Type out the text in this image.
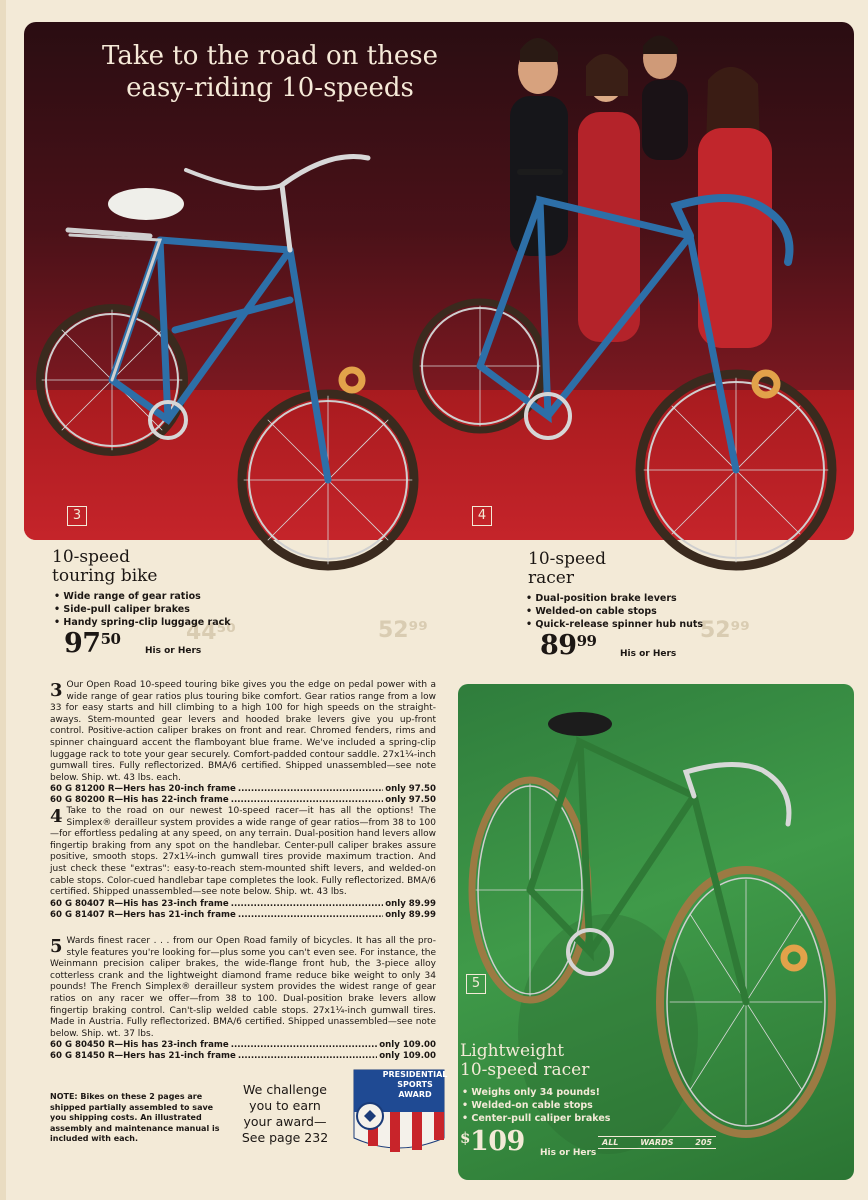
Take to the road on these
easy-riding 10-speeds
3	4
44⁵⁰	52⁹⁹	52⁹⁹
10-speed
touring bike
• Wide range of gear ratios
• Side-pull caliper brakes
• Handy spring-clip luggage rack
$97^{50}$
His or Hers
10-speed
racer
• Dual-position brake levers
• Welded-on cable stops
• Quick-release spinner hub nuts
$89^{99}$
His or Hers
3 Our Open Road 10-speed touring bike gives you the edge on pedal power with a wide range of gear ratios plus touring bike comfort. Gear ratios range from a low 33 for easy starts and hill climbing to a high 100 for high speeds on the straight-aways. Stem-mounted gear levers and hooded brake levers give you up-front control. Positive-action caliper brakes on front and rear. Chromed fenders, rims and spinner chainguard accent the flamboyant blue frame. We've included a spring-clip luggage rack to tote your gear securely. Comfort-padded contour saddle. 27x1¼-inch gumwall tires. Fully reflectorized. BMA/6 certified. Shipped unassembled—see note below. Ship. wt. 43 lbs. each.
60 G 81200 R—Hers has 20-inch frame .....	only 97.50
60 G 80200 R—His has 22-inch frame .....	only 97.50
4 Take to the road on our newest 10-speed racer—it has all the options! The Simplex® derailleur system provides a wide range of gear ratios—from 38 to 100—for effortless pedaling at any speed, on any terrain. Dual-position hand levers allow fingertip braking from any spot on the handlebar. Center-pull caliper brakes assure positive, smooth stops. 27x1¼-inch gumwall tires provide maximum traction. And just check these "extras": easy-to-reach stem-mounted shift levers, and welded-on cable stops. Color-cued handlebar tape completes the look. Fully reflectorized. BMA/6 certified. Shipped unassembled—see note below. Ship. wt. 43 lbs.
60 G 80407 R—His has 23-inch frame .....	only 89.99
60 G 81407 R—Hers has 21-inch frame .....	only 89.99
5 Wards finest racer . . . from our Open Road family of bicycles. It has all the pro-style features you're looking for—plus some you can't even see. For instance, the Weinmann precision caliper brakes, the wide-flange front hub, the 3-piece alloy cotterless crank and the lightweight diamond frame reduce bike weight to only 34 pounds! The French Simplex® derailleur system provides the widest range of gear ratios on any racer we offer—from 38 to 100. Dual-position brake levers allow fingertip braking control. Can't-slip welded cable stops. 27x1¼-inch gumwall tires. Made in Austria. Fully reflectorized. BMA/6 certified. Shipped unassembled—see note below. Ship. wt. 37 lbs.
60 G 80450 R—His has 23-inch frame .....	only 109.00
60 G 81450 R—Hers has 21-inch frame .....	only 109.00
5
Lightweight
10-speed racer
• Weighs only 34 pounds!
• Welded-on cable stops
• Center-pull caliper brakes
$109 His or Hers
ALL	WARDS	205
NOTE: Bikes on these 2 pages are shipped partially assembled to save you shipping costs. An illustrated assembly and maintenance manual is included with each.
We challenge
you to earn
your award—
See page 232
PRESIDENTIAL
SPORTS
AWARD
